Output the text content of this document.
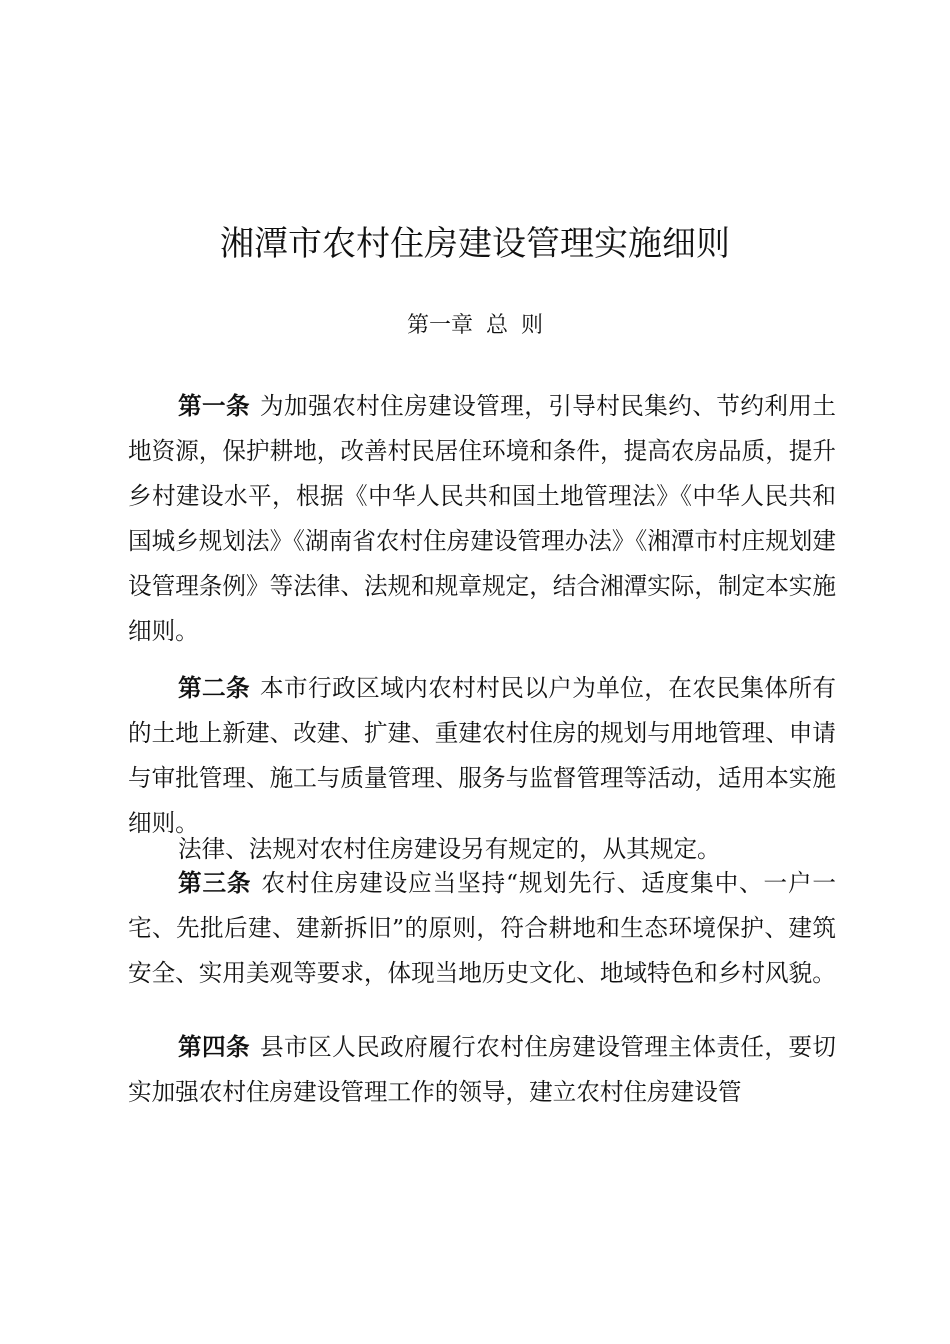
湘潭市农村住房建设管理实施细则
第一章 总 则

第一条 为加强农村住房建设管理，引导村民集约、节约利用土地资源，保护耕地，改善村民居住环境和条件，提高农房品质，提升乡村建设水平，根据《中华人民共和国土地管理法》《中华人民共和国城乡规划法》《湖南省农村住房建设管理办法》《湘潭市村庄规划建设管理条例》等法律、法规和规章规定，结合湘潭实际，制定本实施细则。

第二条 本市行政区域内农村村民以户为单位，在农民集体所有的土地上新建、改建、扩建、重建农村住房的规划与用地管理、申请与审批管理、施工与质量管理、服务与监督管理等活动，适用本实施细则。

法律、法规对农村住房建设另有规定的，从其规定。

第三条 农村住房建设应当坚持“规划先行、适度集中、一户一宅、先批后建、建新拆旧”的原则，符合耕地和生态环境保护、建筑安全、实用美观等要求，体现当地历史文化、地域特色和乡村风貌。

第四条 县市区人民政府履行农村住房建设管理主体责任，要切实加强农村住房建设管理工作的领导，建立农村住房建设管
